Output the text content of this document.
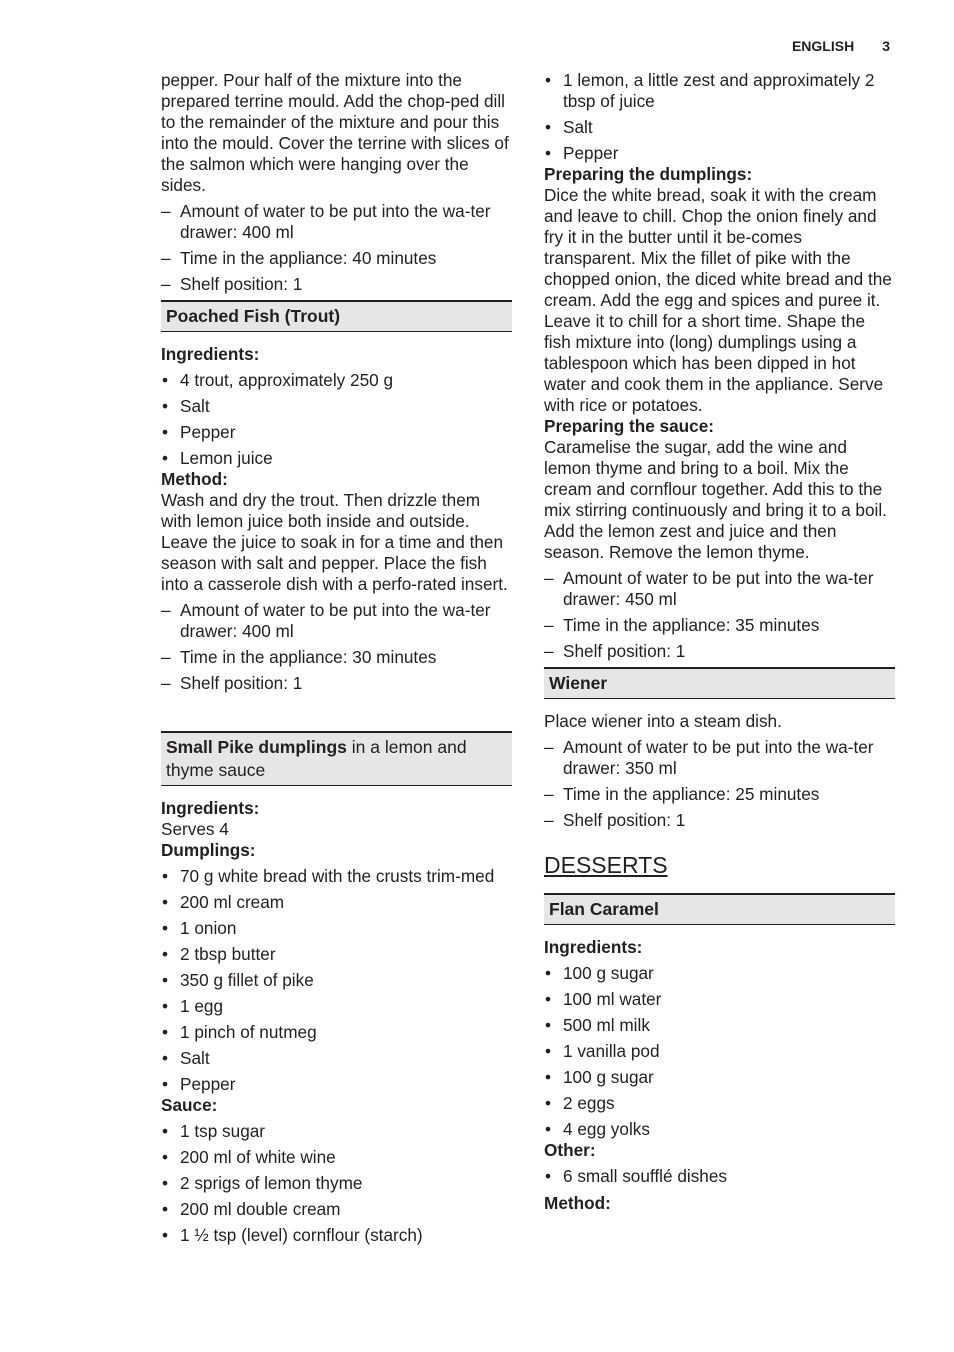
ENGLISH 3

pepper. Pour half of the mixture into the prepared terrine mould. Add the chop-ped dill to the remainder of the mixture and pour this into the mould. Cover the terrine with slices of the salmon which were hanging over the sides.

– Amount of water to be put into the wa-ter drawer: 400 ml
– Time in the appliance: 40 minutes
– Shelf position: 1
Poached Fish (Trout)

Ingredients:

• 4 trout, approximately 250 g
• Salt
• Pepper
• Lemon juice

Method:

Wash and dry the trout. Then drizzle them with lemon juice both inside and outside. Leave the juice to soak in for a time and then season with salt and pepper. Place the fish into a casserole dish with a perfo-rated insert.

– Amount of water to be put into the wa-ter drawer: 400 ml
– Time in the appliance: 30 minutes
– Shelf position: 1
Small Pike dumplings in a lemon and thyme sauce

Ingredients:

Serves 4

Dumplings:

• 70 g white bread with the crusts trim-med
• 200 ml cream
• 1 onion
• 2 tbsp butter
• 350 g fillet of pike
• 1 egg
• 1 pinch of nutmeg
• Salt
• Pepper

Sauce:

• 1 tsp sugar
• 200 ml of white wine
• 2 sprigs of lemon thyme
• 200 ml double cream
• 1 ½ tsp (level) cornflour (starch)
• 1 lemon, a little zest and approximately 2 tbsp of juice
• Salt
• Pepper

Preparing the dumplings:

Dice the white bread, soak it with the cream and leave to chill. Chop the onion finely and fry it in the butter until it be-comes transparent. Mix the fillet of pike with the chopped onion, the diced white bread and the cream. Add the egg and spices and puree it. Leave it to chill for a short time. Shape the fish mixture into (long) dumplings using a tablespoon which has been dipped in hot water and cook them in the appliance. Serve with rice or potatoes.

Preparing the sauce:

Caramelise the sugar, add the wine and lemon thyme and bring to a boil. Mix the cream and cornflour together. Add this to the mix stirring continuously and bring it to a boil. Add the lemon zest and juice and then season. Remove the lemon thyme.

– Amount of water to be put into the wa-ter drawer: 450 ml
– Time in the appliance: 35 minutes
– Shelf position: 1
Wiener

Place wiener into a steam dish.

– Amount of water to be put into the wa-ter drawer: 350 ml
– Time in the appliance: 25 minutes
– Shelf position: 1
DESSERTS
Flan Caramel

Ingredients:

• 100 g sugar
• 100 ml water
• 500 ml milk
• 1 vanilla pod
• 100 g sugar
• 2 eggs
• 4 egg yolks

Other:

• 6 small soufflé dishes

Method:
